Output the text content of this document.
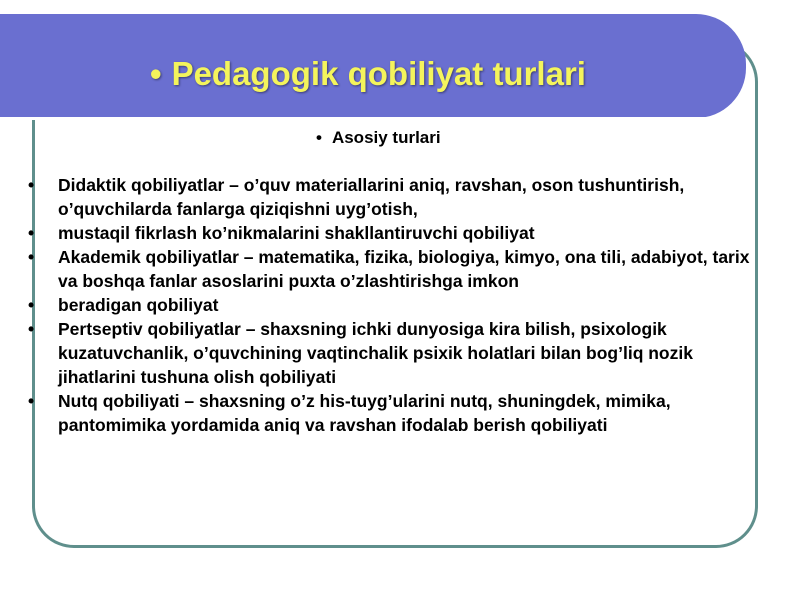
• Pedagogik qobiliyat turlari

• Asosiy turlari

• Didaktik qobiliyatlar – o’quv materiallarini aniq, ravshan, oson tushuntirish, o’quvchilarda fanlarga qiziqishni uyg’otish,
• mustaqil fikrlash ko’nikmalarini shakllantiruvchi qobiliyat
• Akademik qobiliyatlar – matematika, fizika, biologiya, kimyo, ona tili, adabiyot, tarix va boshqa fanlar asoslarini puxta o’zlashtirishga imkon
• beradigan qobiliyat
• Pertseptiv qobiliyatlar – shaxsning ichki dunyosiga kira bilish, psixologik kuzatuvchanlik, o’quvchining vaqtinchalik psixik holatlari bilan bog’liq nozik jihatlarini tushuna olish qobiliyati
• Nutq qobiliyati – shaxsning o’z his-tuyg’ularini nutq, shuningdek, mimika, pantomimika yordamida aniq va ravshan ifodalab berish qobiliyati
